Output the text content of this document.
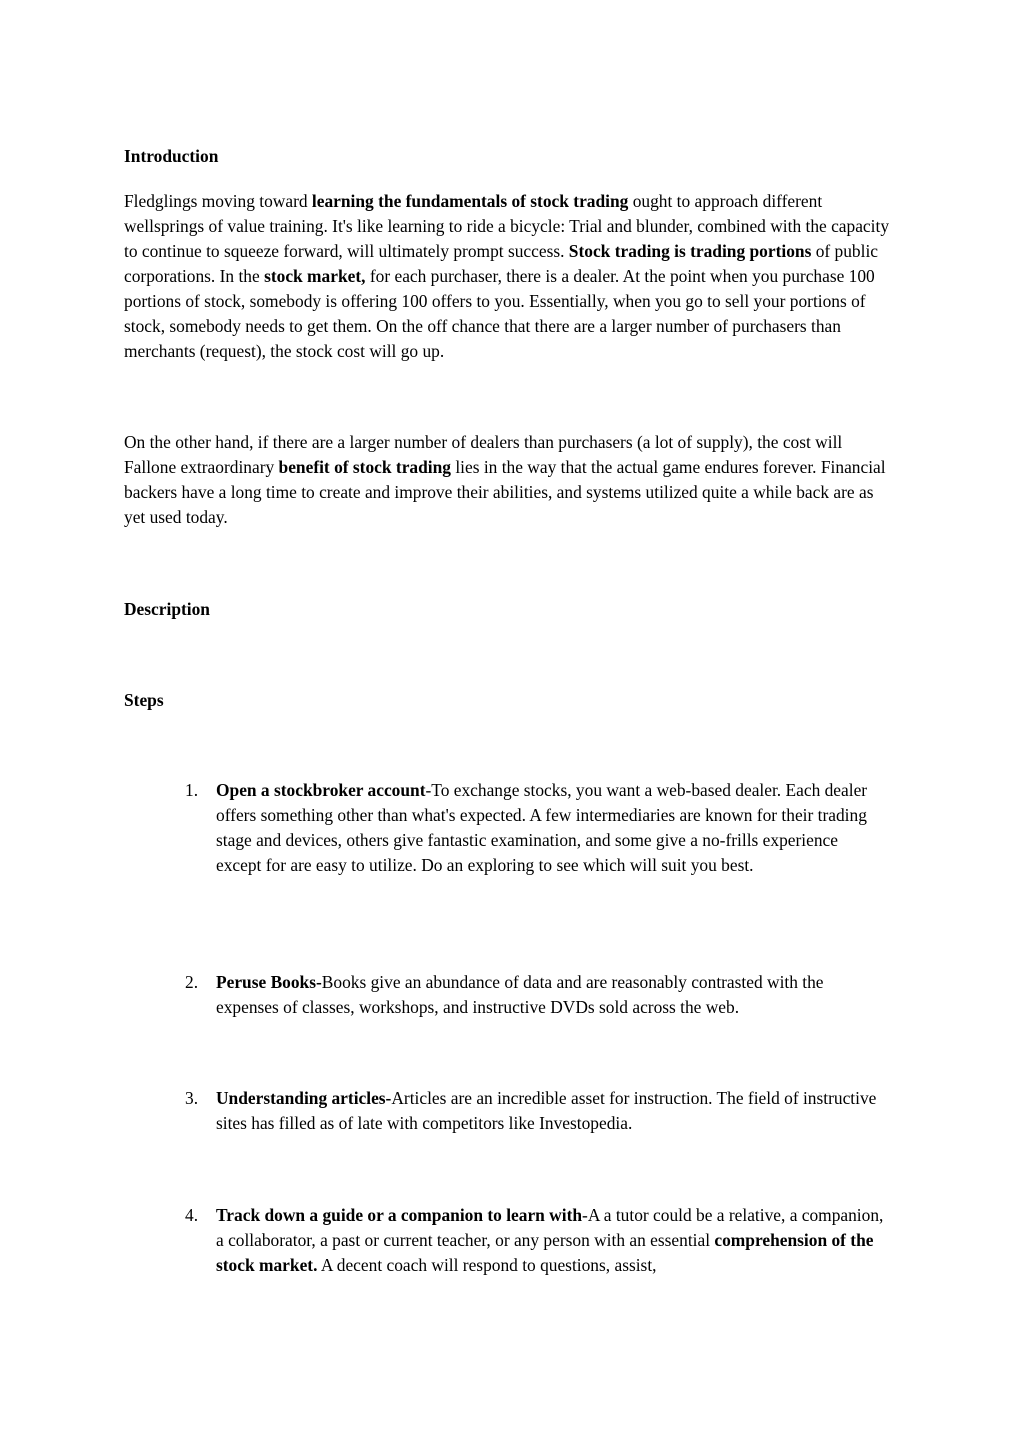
Introduction

Fledglings moving toward learning the fundamentals of stock trading ought to approach different wellsprings of value training. It's like learning to ride a bicycle: Trial and blunder, combined with the capacity to continue to squeeze forward, will ultimately prompt success. Stock trading is trading portions of public corporations. In the stock market, for each purchaser, there is a dealer. At the point when you purchase 100 portions of stock, somebody is offering 100 offers to you. Essentially, when you go to sell your portions of stock, somebody needs to get them. On the off chance that there are a larger number of purchasers than merchants (request), the stock cost will go up.

On the other hand, if there are a larger number of dealers than purchasers (a lot of supply), the cost will Fallone extraordinary benefit of stock trading lies in the way that the actual game endures forever. Financial backers have a long time to create and improve their abilities, and systems utilized quite a while back are as yet used today.

Description
Steps
1. Open a stockbroker account-To exchange stocks, you want a web-based dealer. Each dealer offers something other than what's expected. A few intermediaries are known for their trading stage and devices, others give fantastic examination, and some give a no-frills experience except for are easy to utilize. Do an exploring to see which will suit you best.
2. Peruse Books-Books give an abundance of data and are reasonably contrasted with the expenses of classes, workshops, and instructive DVDs sold across the web.
3. Understanding articles-Articles are an incredible asset for instruction. The field of instructive sites has filled as of late with competitors like Investopedia.
4. Track down a guide or a companion to learn with-A a tutor could be a relative, a companion, a collaborator, a past or current teacher, or any person with an essential comprehension of the stock market. A decent coach will respond to questions, assist,
